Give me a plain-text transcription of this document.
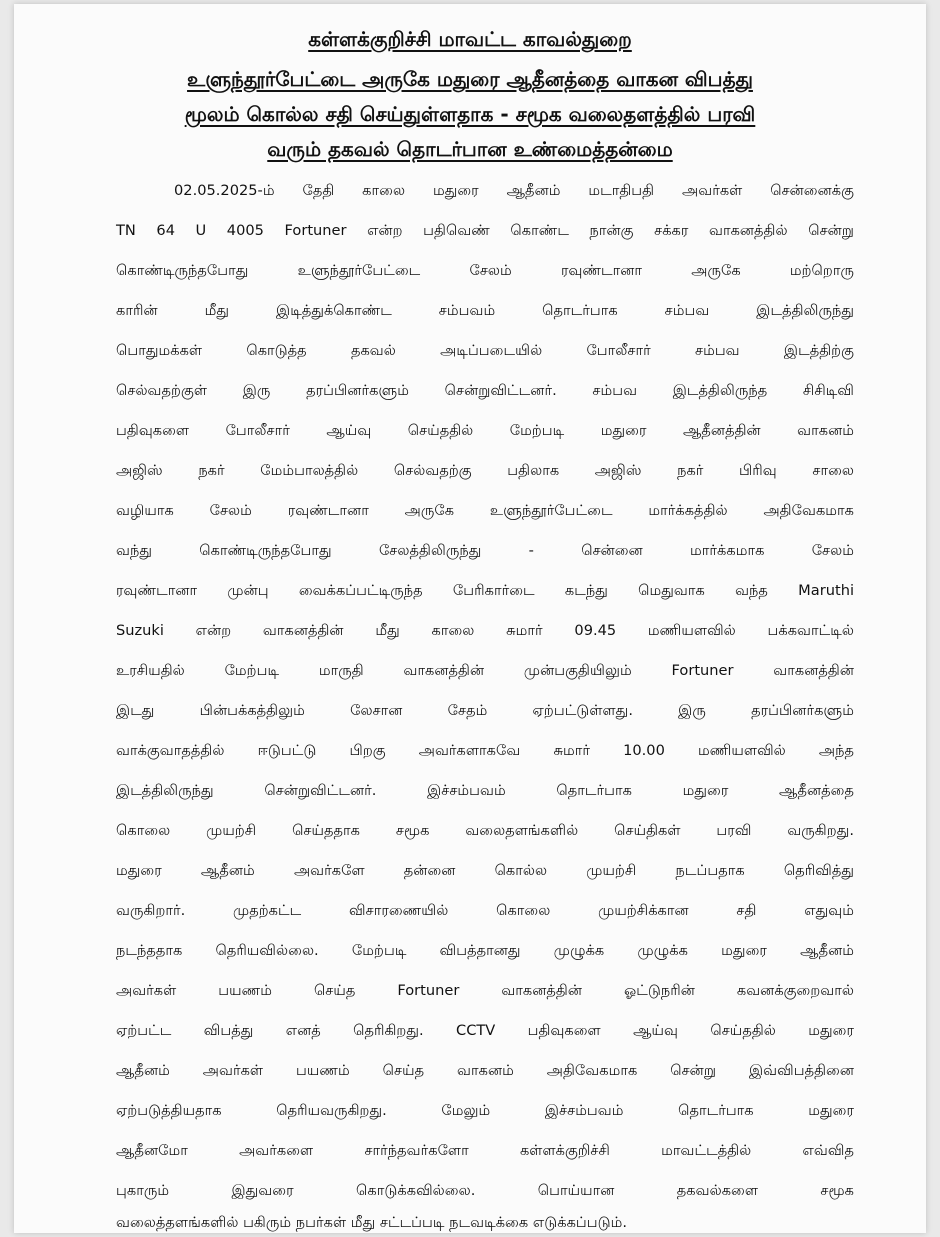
கள்ளக்குறிச்சி மாவட்ட காவல்துறை
உளுந்தூர்பேட்டை அருகே மதுரை ஆதீனத்தை வாகன விபத்து
மூலம் கொல்ல சதி செய்துள்ளதாக - சமூக வலைதளத்தில் பரவி
வரும் தகவல் தொடர்பான உண்மைத்தன்மை
02.05.2025-ம் தேதி காலை மதுரை ஆதீனம் மடாதிபதி அவர்கள் சென்னைக்கு
TN 64 U 4005 Fortuner என்ற பதிவெண் கொண்ட நான்கு சக்கர வாகனத்தில் சென்று
கொண்டிருந்தபோது உளுந்தூர்பேட்டை சேலம் ரவுண்டானா அருகே மற்றொரு
காரின் மீது இடித்துக்கொண்ட சம்பவம் தொடர்பாக சம்பவ இடத்திலிருந்து
பொதுமக்கள் கொடுத்த தகவல் அடிப்படையில் போலீசார் சம்பவ இடத்திற்கு
செல்வதற்குள் இரு தரப்பினர்களும் சென்றுவிட்டனர். சம்பவ இடத்திலிருந்த சிசிடிவி
பதிவுகளை போலீசார் ஆய்வு செய்ததில் மேற்படி மதுரை ஆதீனத்தின் வாகனம்
அஜிஸ் நகர் மேம்பாலத்தில் செல்வதற்கு பதிலாக அஜிஸ் நகர் பிரிவு சாலை
வழியாக சேலம் ரவுண்டானா அருகே உளுந்தூர்பேட்டை மார்க்கத்தில் அதிவேகமாக
வந்து கொண்டிருந்தபோது சேலத்திலிருந்து - சென்னை மார்க்கமாக சேலம்
ரவுண்டானா முன்பு வைக்கப்பட்டிருந்த பேரிகார்டை கடந்து மெதுவாக வந்த Maruthi
Suzuki என்ற வாகனத்தின் மீது காலை சுமார் 09.45 மணியளவில் பக்கவாட்டில்
உரசியதில் மேற்படி மாருதி வாகனத்தின் முன்பகுதியிலும் Fortuner வாகனத்தின்
இடது பின்பக்கத்திலும் லேசான சேதம் ஏற்பட்டுள்ளது. இரு தரப்பினர்களும்
வாக்குவாதத்தில் ஈடுபட்டு பிறகு அவர்களாகவே சுமார் 10.00 மணியளவில் அந்த
இடத்திலிருந்து சென்றுவிட்டனர். இச்சம்பவம் தொடர்பாக மதுரை ஆதீனத்தை
கொலை முயற்சி செய்ததாக சமூக வலைதளங்களில் செய்திகள் பரவி வருகிறது.
மதுரை ஆதீனம் அவர்களே தன்னை கொல்ல முயற்சி நடப்பதாக தெரிவித்து
வருகிறார். முதற்கட்ட விசாரணையில் கொலை முயற்சிக்கான சதி எதுவும்
நடந்ததாக தெரியவில்லை. மேற்படி விபத்தானது முழுக்க முழுக்க மதுரை ஆதீனம்
அவர்கள் பயணம் செய்த Fortuner வாகனத்தின் ஓட்டுநரின் கவனக்குறைவால்
ஏற்பட்ட விபத்து எனத் தெரிகிறது. CCTV பதிவுகளை ஆய்வு செய்ததில் மதுரை
ஆதீனம் அவர்கள் பயணம் செய்த வாகனம் அதிவேகமாக சென்று இவ்விபத்தினை
ஏற்படுத்தியதாக தெரியவருகிறது. மேலும் இச்சம்பவம் தொடர்பாக மதுரை
ஆதீனமோ அவர்களை சார்ந்தவர்களோ கள்ளக்குறிச்சி மாவட்டத்தில் எவ்வித
புகாரும் இதுவரை கொடுக்கவில்லை. பொய்யான தகவல்களை சமூக
வலைத்தளங்களில் பகிரும் நபர்கள் மீது சட்டப்படி நடவடிக்கை எடுக்கப்படும்.
